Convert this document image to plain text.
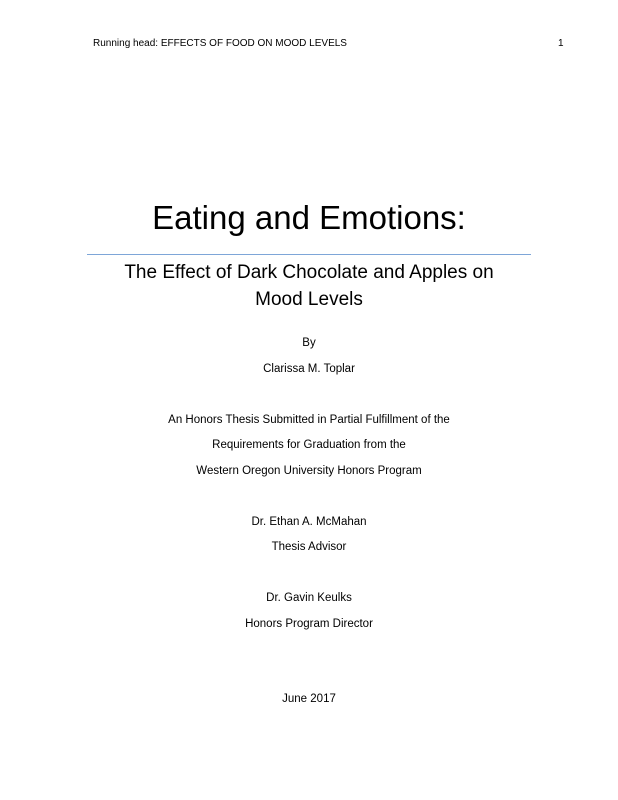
Running head: EFFECTS OF FOOD ON MOOD LEVELS	1
Eating and Emotions:
The Effect of Dark Chocolate and Apples on
Mood Levels
By
Clarissa M. Toplar
An Honors Thesis Submitted in Partial Fulfillment of the
Requirements for Graduation from the
Western Oregon University Honors Program
Dr. Ethan A. McMahan
Thesis Advisor
Dr. Gavin Keulks
Honors Program Director
June 2017
